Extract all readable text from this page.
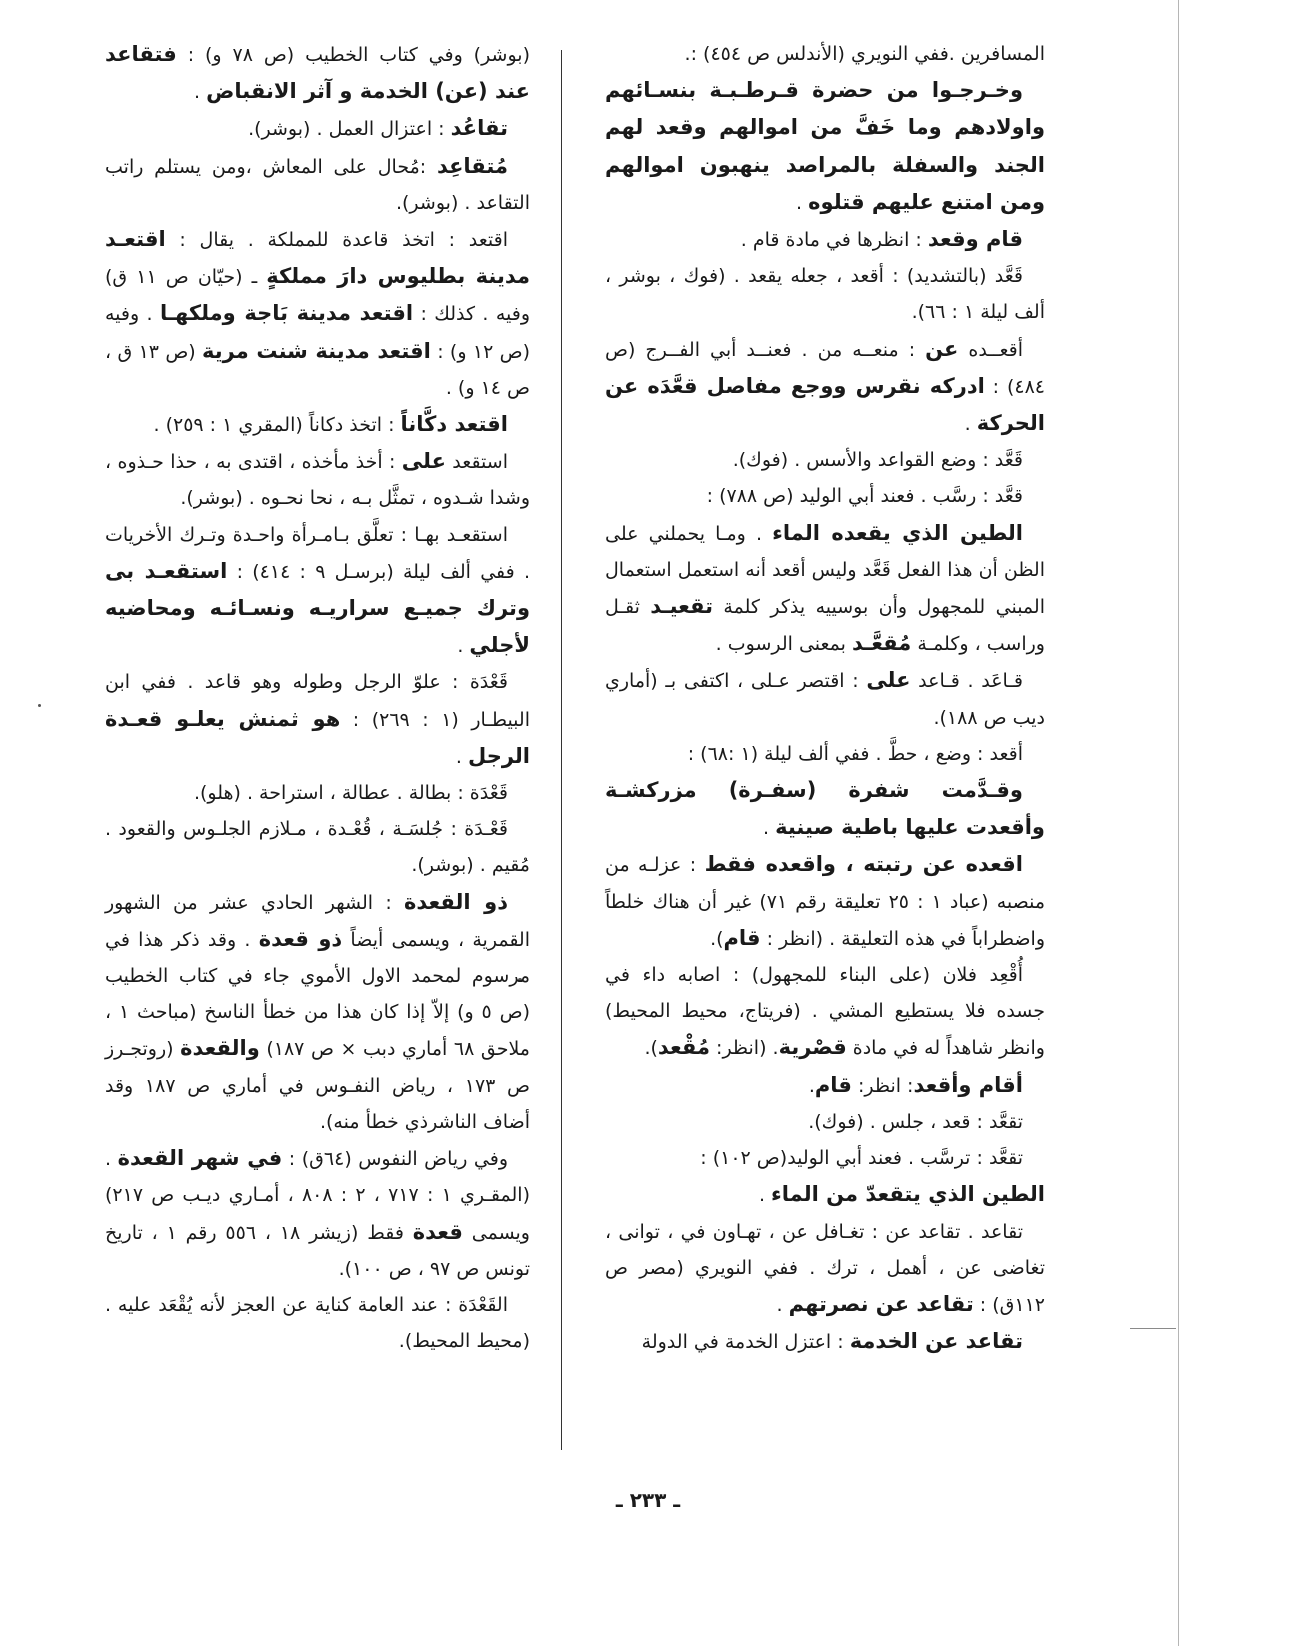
المسافرين .ففي النويري (الأندلس ص ٤٥٤) :.

وخـرجـوا من حضرة قـرطـبـة بنسـائهم واولادهم وما خَفَّ من اموالهم وقعد لهم الجند والسفلة بالمراصد ينهبون اموالهم ومن امتنع عليهم قتلوه .

قام وقعد : انظرها في مادة قام .

قَعَّد (بالتشديد) : أقعد ، جعله يقعد . (فوك ، بوشر ، ألف ليلة ١ : ٦٦).

أقعــده عن : منعــه من . فعنــد أبي الفــرج (ص ٤٨٤) : ادركه نقرس ووجع مفاصل قعَّدَه عن الحركة .

قَعَّد : وضع القواعد والأسس . (فوك).

قعَّد : رسَّب . فعند أبي الوليد (ص ٧٨٨) :

الطين الذي يقعده الماء . ومـا يحملني على الظن أن هذا الفعل قَعَّد وليس أقعد أنه استعمل استعمال المبني للمجهول وأن بوسييه يذكر كلمة تقعيـد ثقـل وراسب ، وكلمـة مُقعَّـد بمعنى الرسوب .

قـاعَد . قـاعد على : اقتصر عـلى ، اكتفى بـ (أماري ديب ص ١٨٨).

أقعد : وضع ، حطَّ . ففي ألف ليلة (١ :٦٨) :

وقـدَّمت شفرة (سفـرة) مزركشـة وأقعدت عليها باطية صينية .

اقعده عن رتبته ، واقعده فقط : عزلـه من منصبه (عباد ١ : ٢٥ تعليقة رقم ٧١) غير أن هناك خلطاً واضطراباً في هذه التعليقة . (انظر : قام).

أُقْعِد فلان (على البناء للمجهول) : اصابه داء في جسده فلا يستطيع المشي . (فريتاج، محيط المحيط) وانظر شاهداً له في مادة قصْرية. (انظر: مُقْعد).

أقام وأقعد: انظر: قام.

تقعَّد : قعد ، جلس . (فوك).

تقعَّد : ترسَّب . فعند أبي الوليد(ص ١٠٢) :

الطين الذي يتقعدّ من الماء .

تقاعد . تقاعد عن : تغـافل عن ، تهـاون في ، توانى ، تغاضى عن ، أهمل ، ترك . ففي النويري (مصر ص ١١٢ق) : تقاعد عن نصرتهم .

تقاعد عن الخدمة : اعتزل الخدمة في الدولة

(بوشر) وفي كتاب الخطيب (ص ٧٨ و) : فتقاعد عند (عن) الخدمة و آثر الانقباض .

تقاعُد : اعتزال العمل . (بوشر).

مُتقاعِد :مُحال على المعاش ،ومن يستلم راتب التقاعد . (بوشر).

اقتعد : اتخذ قاعدة للمملكة . يقال : اقتعـد مدينة بطليوس دارَ مملكةٍ ـ (حيّان ص ١١ ق) وفيه . كذلك : اقتعد مدينة بَاجة وملكهـا . وفيه (ص ١٢ و) : اقتعد مدينة شنت مرية (ص ١٣ ق ، ص ١٤ و) .

اقتعد دكَّاناً : اتخذ دكاناً (المقري ١ : ٢٥٩) .

استقعد على : أخذ مأخذه ، اقتدى به ، حذا حـذوه ، وشدا شـدوه ، تمثَّل بـه ، نحا نحـوه . (بوشر).

استقعـد بهـا : تعلَّق بـامـرأة واحـدة وتـرك الأخريات . ففي ألف ليلة (برسـل ٩ : ٤١٤) : استقعـد بى وترك جميـع سراريـه ونسـائـه ومحاضيه لأجلي .

قَعْدَة : علوّ الرجل وطوله وهو قاعد . ففي ابن البيطـار (١ : ٢٦٩) : هو ثمنش يعلـو قعـدة الرجل .

قَعْدَة : بطالة . عطالة ، استراحة . (هلو).

قَعْـدَة : جُلسَـة ، قُعْـدة ، مـلازم الجلـوس والقعود . مُقيم . (بوشر).

ذو القعدة : الشهر الحادي عشر من الشهور القمرية ، ويسمى أيضاً ذو قعدة . وقد ذكر هذا في مرسوم لمحمد الاول الأموي جاء في كتاب الخطيب (ص ٥ و) إلاّ إذا كان هذا من خطأ الناسخ (مباحث ١ ، ملاحق ٦٨ أماري دبب × ص ١٨٧) والقعدة (روتجـرز ص ١٧٣ ، رياض النفـوس في أماري ص ١٨٧ وقد أضاف الناشرذي خطأ منه).

وفي رياض النفوس (٦٤ق) : في شهر القعدة . (المقـري ١ : ٧١٧ ، ٢ : ٨٠٨ ، أمـاري ديـب ص ٢١٧) ويسمى قعدة فقط (زيشر ١٨ ، ٥٥٦ رقم ١ ، تاريخ تونس ص ٩٧ ، ص ١٠٠).

القَعْدَة : عند العامة كناية عن العجز لأنه يُقْعَد عليه . (محيط المحيط).

ـ ٢٣٣ ـ
